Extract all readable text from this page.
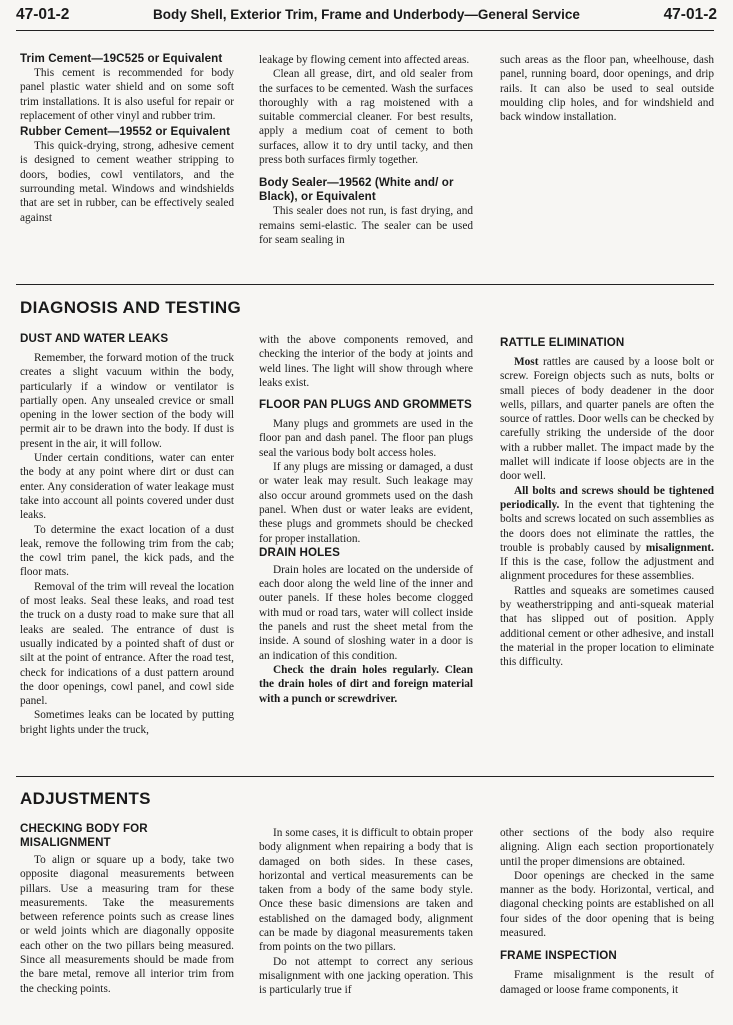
47-01-2	Body Shell, Exterior Trim, Frame and Underbody—General Service	47-01-2
Trim Cement—19C525 or Equivalent

This cement is recommended for body panel plastic water shield and on some soft trim installations. It is also useful for repair or replacement of other vinyl and rubber trim.

Rubber Cement—19552 or Equivalent

This quick-drying, strong, adhesive cement is designed to cement weather stripping to doors, bodies, cowl ventilators, and the surrounding metal. Windows and windshields that are set in rubber, can be effectively sealed against

leakage by flowing cement into affected areas.

Clean all grease, dirt, and old sealer from the surfaces to be cemented. Wash the surfaces thoroughly with a rag moistened with a suitable commercial cleaner. For best results, apply a medium coat of cement to both surfaces, allow it to dry until tacky, and then press both surfaces firmly together.

Body Sealer—19562 (White and/ or Black), or Equivalent

This sealer does not run, is fast drying, and remains semi-elastic. The sealer can be used for seam sealing in

such areas as the floor pan, wheelhouse, dash panel, running board, door openings, and drip rails. It can also be used to seal outside moulding clip holes, and for windshield and back window installation.

DIAGNOSIS AND TESTING
DUST AND WATER LEAKS

Remember, the forward motion of the truck creates a slight vacuum within the body, particularly if a window or ventilator is partially open. Any unsealed crevice or small opening in the lower section of the body will permit air to be drawn into the body. If dust is present in the air, it will follow.

Under certain conditions, water can enter the body at any point where dirt or dust can enter. Any consideration of water leakage must take into account all points covered under dust leaks.

To determine the exact location of a dust leak, remove the following trim from the cab; the cowl trim panel, the kick pads, and the floor mats.

Removal of the trim will reveal the location of most leaks. Seal these leaks, and road test the truck on a dusty road to make sure that all leaks are sealed. The entrance of dust is usually indicated by a pointed shaft of dust or silt at the point of entrance. After the road test, check for indications of a dust pattern around the door openings, cowl panel, and cowl side panel.

Sometimes leaks can be located by putting bright lights under the truck,

with the above components removed, and checking the interior of the body at joints and weld lines. The light will show through where leaks exist.

FLOOR PAN PLUGS AND GROMMETS

Many plugs and grommets are used in the floor pan and dash panel. The floor pan plugs seal the various body bolt access holes.

If any plugs are missing or damaged, a dust or water leak may result. Such leakage may also occur around grommets used on the dash panel. When dust or water leaks are evident, these plugs and grommets should be checked for proper installation.

DRAIN HOLES

Drain holes are located on the underside of each door along the weld line of the inner and outer panels. If these holes become clogged with mud or road tars, water will collect inside the panels and rust the sheet metal from the inside. A sound of sloshing water in a door is an indication of this condition.

Check the drain holes regularly. Clean the drain holes of dirt and foreign material with a punch or screwdriver.

RATTLE ELIMINATION

Most rattles are caused by a loose bolt or screw. Foreign objects such as nuts, bolts or small pieces of body deadener in the door wells, pillars, and quarter panels are often the source of rattles. Door wells can be checked by carefully striking the underside of the door with a rubber mallet. The impact made by the mallet will indicate if loose objects are in the door well.

All bolts and screws should be tightened periodically. In the event that tightening the bolts and screws located on such assemblies as the doors does not eliminate the rattles, the trouble is probably caused by misalignment. If this is the case, follow the adjustment and alignment procedures for these assemblies.

Rattles and squeaks are sometimes caused by weatherstripping and anti-squeak material that has slipped out of position. Apply additional cement or other adhesive, and install the material in the proper location to eliminate this difficulty.

ADJUSTMENTS
CHECKING BODY FOR MISALIGNMENT

To align or square up a body, take two opposite diagonal measurements between pillars. Use a measuring tram for these measurements. Take the measurements between reference points such as crease lines or weld joints which are diagonally opposite each other on the two pillars being measured. Since all measurements should be made from the bare metal, remove all interior trim from the checking points.

In some cases, it is difficult to obtain proper body alignment when repairing a body that is damaged on both sides. In these cases, horizontal and vertical measurements can be taken from a body of the same body style. Once these basic dimensions are taken and established on the damaged body, alignment can be made by diagonal measurements taken from points on the two pillars.

Do not attempt to correct any serious misalignment with one jacking operation. This is particularly true if

other sections of the body also require aligning. Align each section proportionately until the proper dimensions are obtained.

Door openings are checked in the same manner as the body. Horizontal, vertical, and diagonal checking points are established on all four sides of the door opening that is being measured.

FRAME INSPECTION

Frame misalignment is the result of damaged or loose frame components, it
